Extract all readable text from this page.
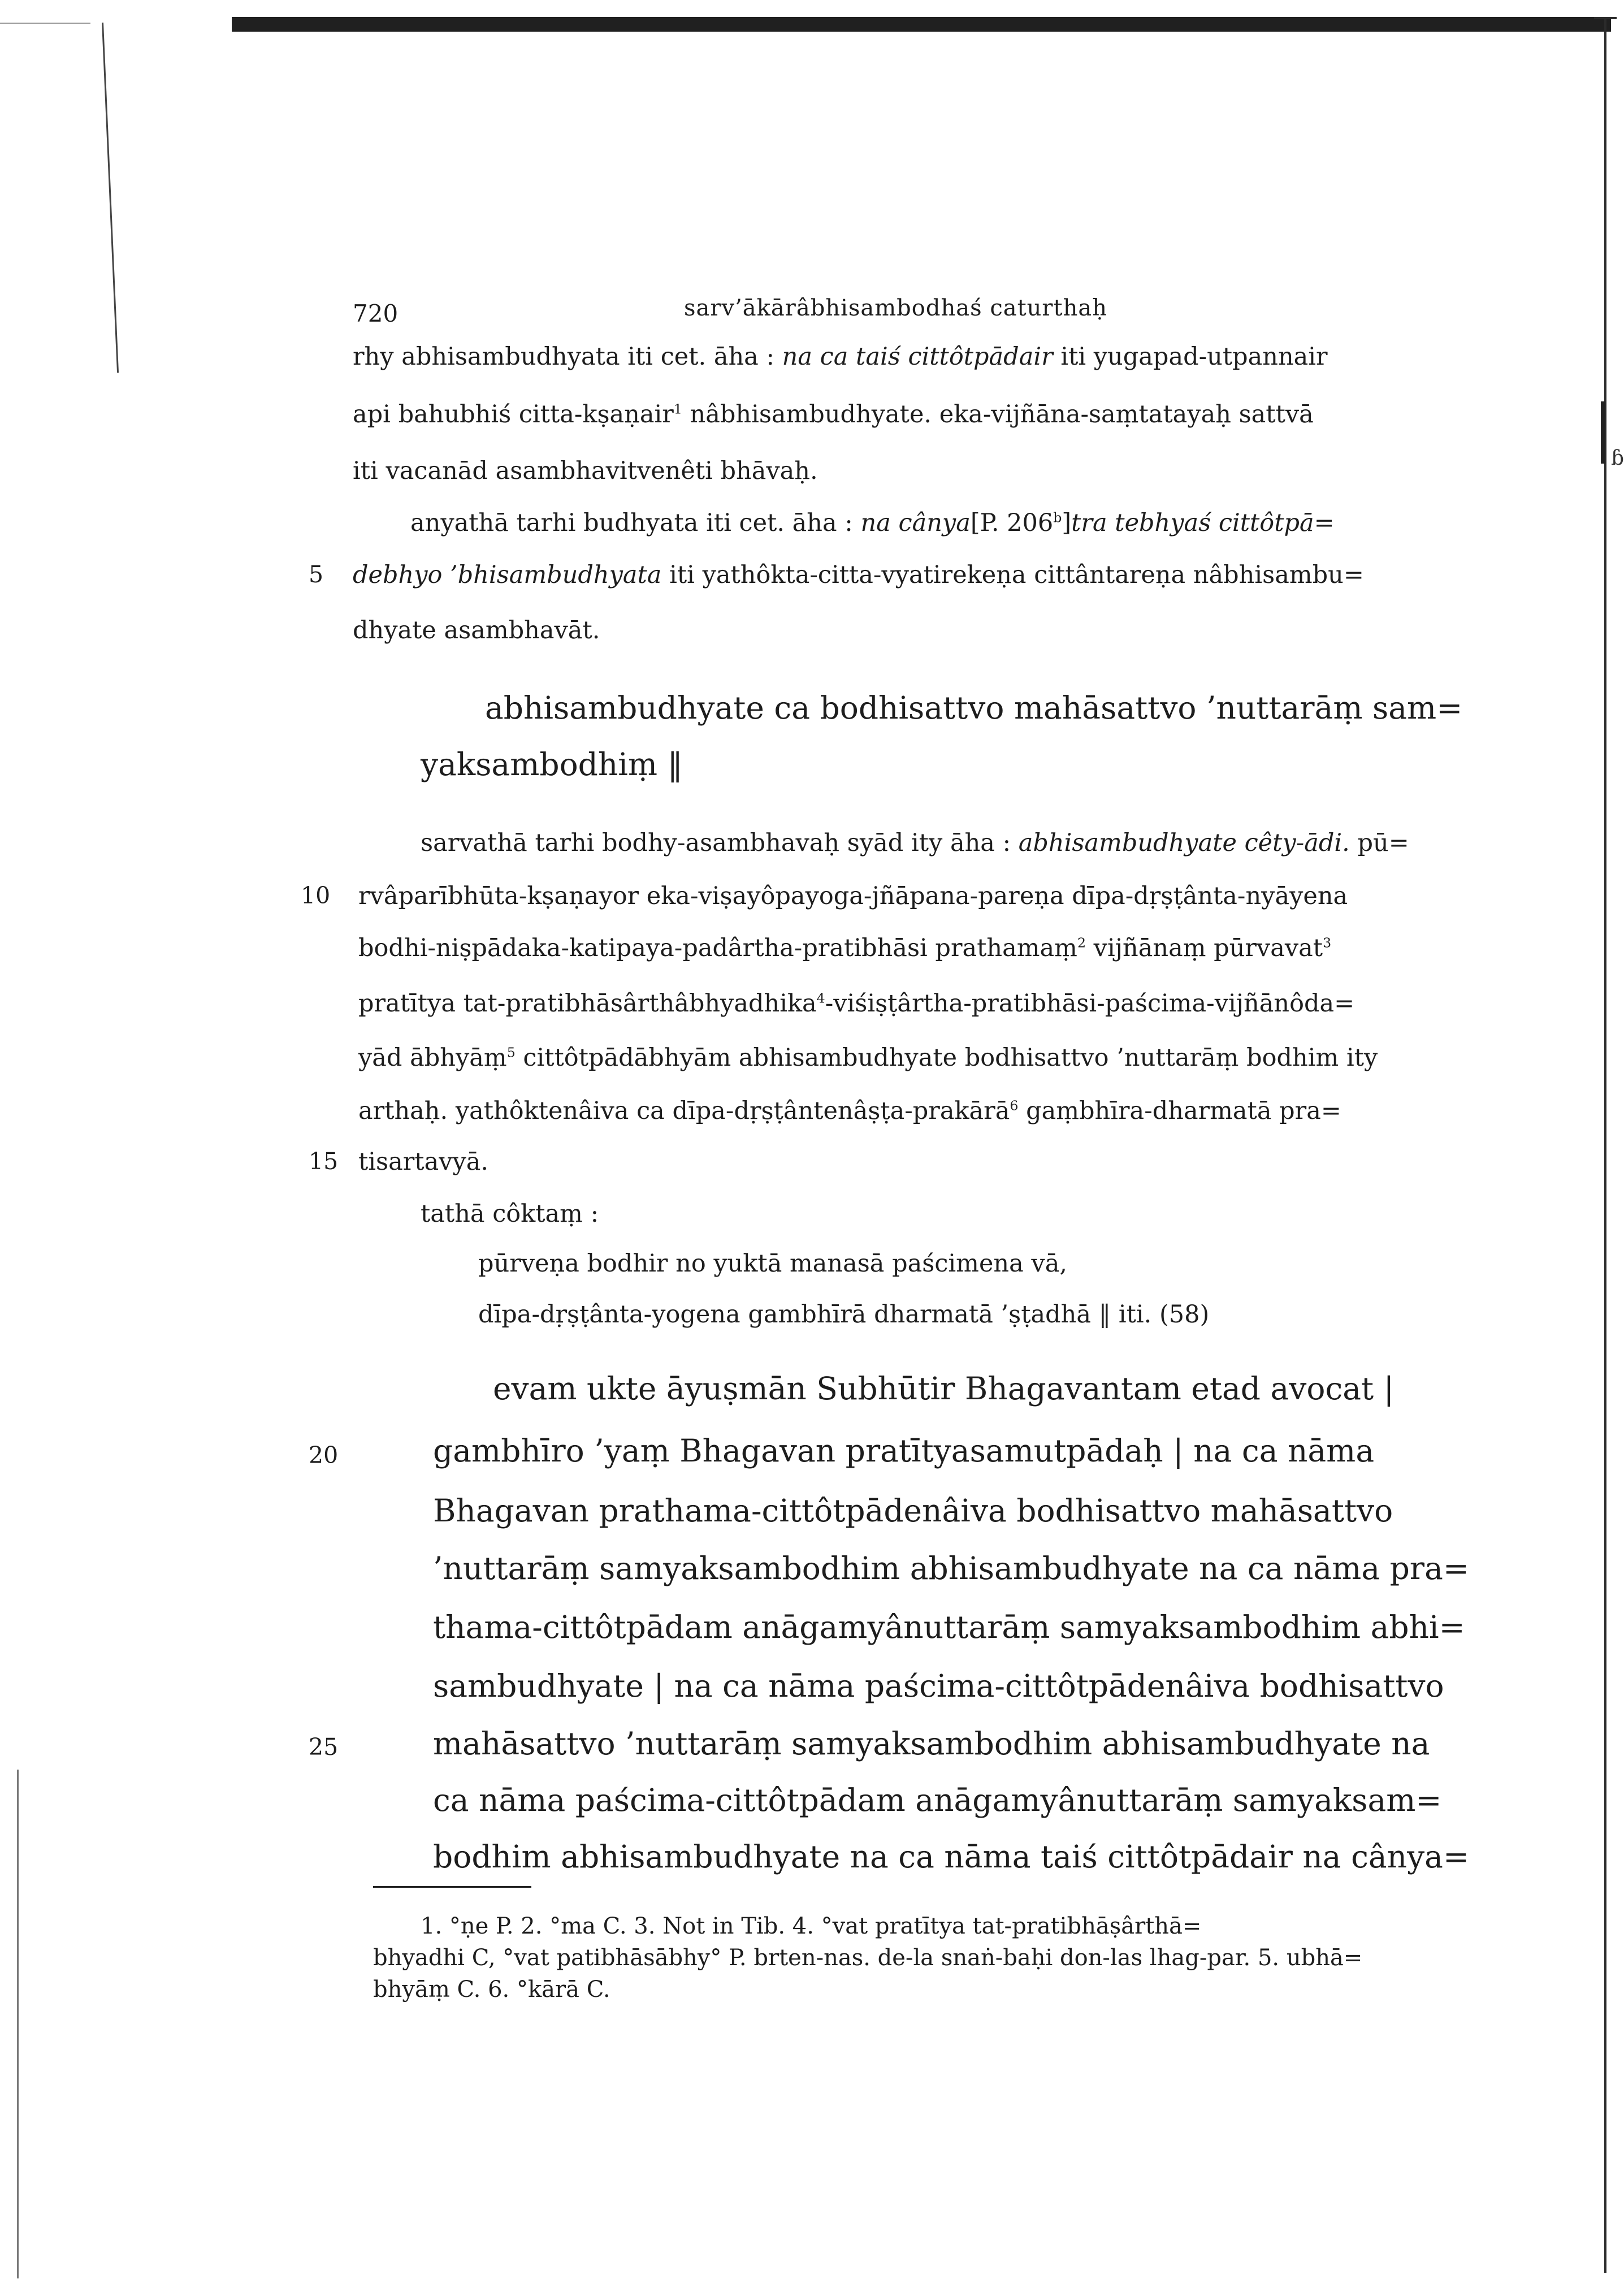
ɓ
720	sarv’ākārâbhisambodhaś caturthaḥ
rhy abhisambudhyata iti cet. āha : na ca taiś cittôtpādair iti yugapad-utpannair
api bahubhiś citta-kṣaṇair$^1$ nâbhisambudhyate. eka-vijñāna-saṃtatayaḥ sattvā
iti vacanād asambhavitvenêti bhāvaḥ.
anyathā tarhi budhyata iti cet. āha : na cânya[P. 206$^b$]tra tebhyaś cittôtpā=
5 debhyo ’bhisambudhyata iti yathôkta-citta-vyatirekeṇa cittântareṇa nâbhisambu=
dhyate asambhavāt.
abhisambudhyate ca bodhisattvo mahāsattvo ’nuttarāṃ sam=
yaksambodhiṃ ‖
sarvathā tarhi bodhy-asambhavaḥ syād ity āha : abhisambudhyate cêty-ādi. pū=
10 rvâparībhūta-kṣaṇayor eka-viṣayôpayoga-jñāpana-pareṇa dīpa-dṛṣṭânta-nyāyena
bodhi-niṣpādaka-katipaya-padârtha-pratibhāsi prathamaṃ$^2$ vijñānaṃ pūrvavat$^3$
pratītya tat-pratibhāsârthâbhyadhika$^4$-viśiṣṭârtha-pratibhāsi-paścima-vijñānôda=
yād ābhyāṃ$^5$ cittôtpādābhyām abhisambudhyate bodhisattvo ’nuttarāṃ bodhim ity
arthaḥ. yathôktenâiva ca dīpa-dṛṣṭântenâṣṭa-prakārā$^6$ gaṃbhīra-dharmatā pra=
15 tisartavyā.
tathā côktaṃ :
pūrveṇa bodhir no yuktā manasā paścimena vā,
dīpa-dṛṣṭânta-yogena gambhīrā dharmatā ’ṣṭadhā ‖ iti. (58)
evam ukte āyuṣmān Subhūtir Bhagavantam etad avocat |
20	gambhīro ’yaṃ Bhagavan pratītyasamutpādaḥ | na ca nāma
Bhagavan prathama-cittôtpādenâiva bodhisattvo mahāsattvo
’nuttarāṃ samyaksambodhim abhisambudhyate na ca nāma pra=
thama-cittôtpādam anāgamyânuttarāṃ samyaksambodhim abhi=
sambudhyate | na ca nāma paścima-cittôtpādenâiva bodhisattvo
25	mahāsattvo ’nuttarāṃ samyaksambodhim abhisambudhyate na
ca nāma paścima-cittôtpādam anāgamyânuttarāṃ samyaksam=
bodhim abhisambudhyate na ca nāma taiś cittôtpādair na cânya=
1. °ṇe P. 2. °ma C. 3. Not in Tib. 4. °vat pratītya tat-pratibhāṣârthā=
bhyadhi C, °vat patibhāsābhy° P. brten-nas. de-la snaṅ-baḥi don-las lhag-par. 5. ubhā=
bhyāṃ C. 6. °kārā C.
